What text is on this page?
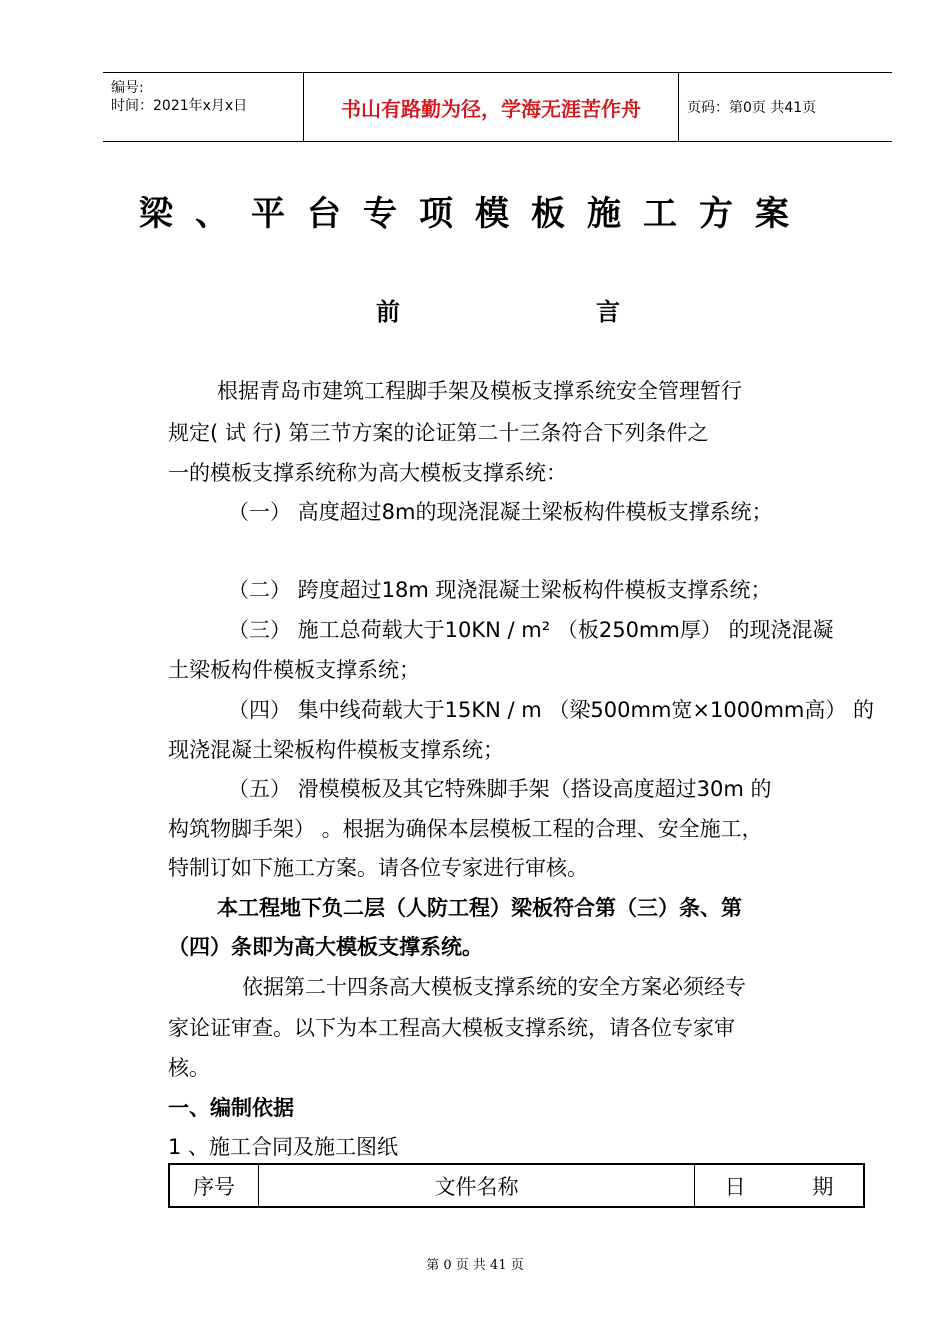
编号:
时间：2021年x月x日	书山有路勤为径，学海无涯苦作舟	页码：第0页 共41页
梁、平台专项模板施工方案
前	言
根据青岛市建筑工程脚手架及模板支撑系统安全管理暂行
规定( 试 行) 第三节方案的论证第二十三条符合下列条件之
一的模板支撑系统称为高大模板支撑系统：
（一） 高度超过8m的现浇混凝土梁板构件模板支撑系统；
（二） 跨度超过18m 现浇混凝土梁板构件模板支撑系统；
（三） 施工总荷载大于10KN / m² （板250mm厚） 的现浇混凝
土梁板构件模板支撑系统；
（四） 集中线荷载大于15KN / m （梁500mm宽×1000mm高） 的
现浇混凝土梁板构件模板支撑系统；
（五） 滑模模板及其它特殊脚手架（搭设高度超过30m 的
构筑物脚手架） 。根据为确保本层模板工程的合理、安全施工，
特制订如下施工方案。请各位专家进行审核。
本工程地下负二层（人防工程）梁板符合第（三）条、第
（四）条即为高大模板支撑系统。
依据第二十四条高大模板支撑系统的安全方案必须经专
家论证审查。以下为本工程高大模板支撑系统，请各位专家审
核。
一、编制依据
1 、施工合同及施工图纸
序号	文件名称	日          期
第 0 页 共 41 页
